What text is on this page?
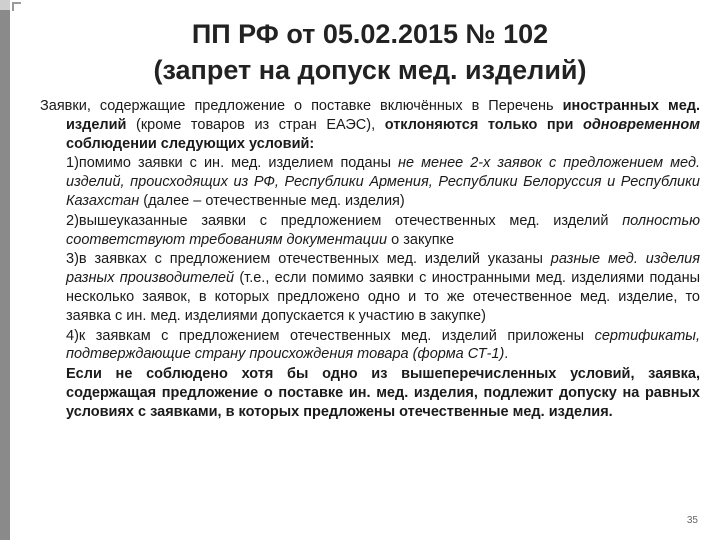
ПП РФ от 05.02.2015 № 102
(запрет на допуск мед. изделий)

Заявки, содержащие предложение о поставке включённых в Перечень иностранных мед. изделий (кроме товаров из стран ЕАЭС), отклоняются только при одновременном соблюдении следующих условий:

1)помимо заявки с ин. мед. изделием поданы не менее 2-х заявок с предложением мед. изделий, происходящих из РФ, Республики Армения, Республики Белоруссия и Республики Казахстан (далее – отечественные мед. изделия)

2)вышеуказанные заявки с предложением отечественных мед. изделий полностью соответствуют требованиям документации о закупке

3)в заявках с предложением отечественных мед. изделий указаны разные мед. изделия разных производителей (т.е., если помимо заявки с иностранными мед. изделиями поданы несколько заявок, в которых предложено одно и то же отечественное мед. изделие, то заявка с ин. мед. изделиями допускается к участию в закупке)

4)к заявкам с предложением отечественных мед. изделий приложены сертификаты, подтверждающие страну происхождения товара (форма СТ-1).

Если не соблюдено хотя бы одно из вышеперечисленных условий, заявка, содержащая предложение о поставке ин. мед. изделия, подлежит допуску на равных условиях с заявками, в которых предложены отечественные мед. изделия.

35
